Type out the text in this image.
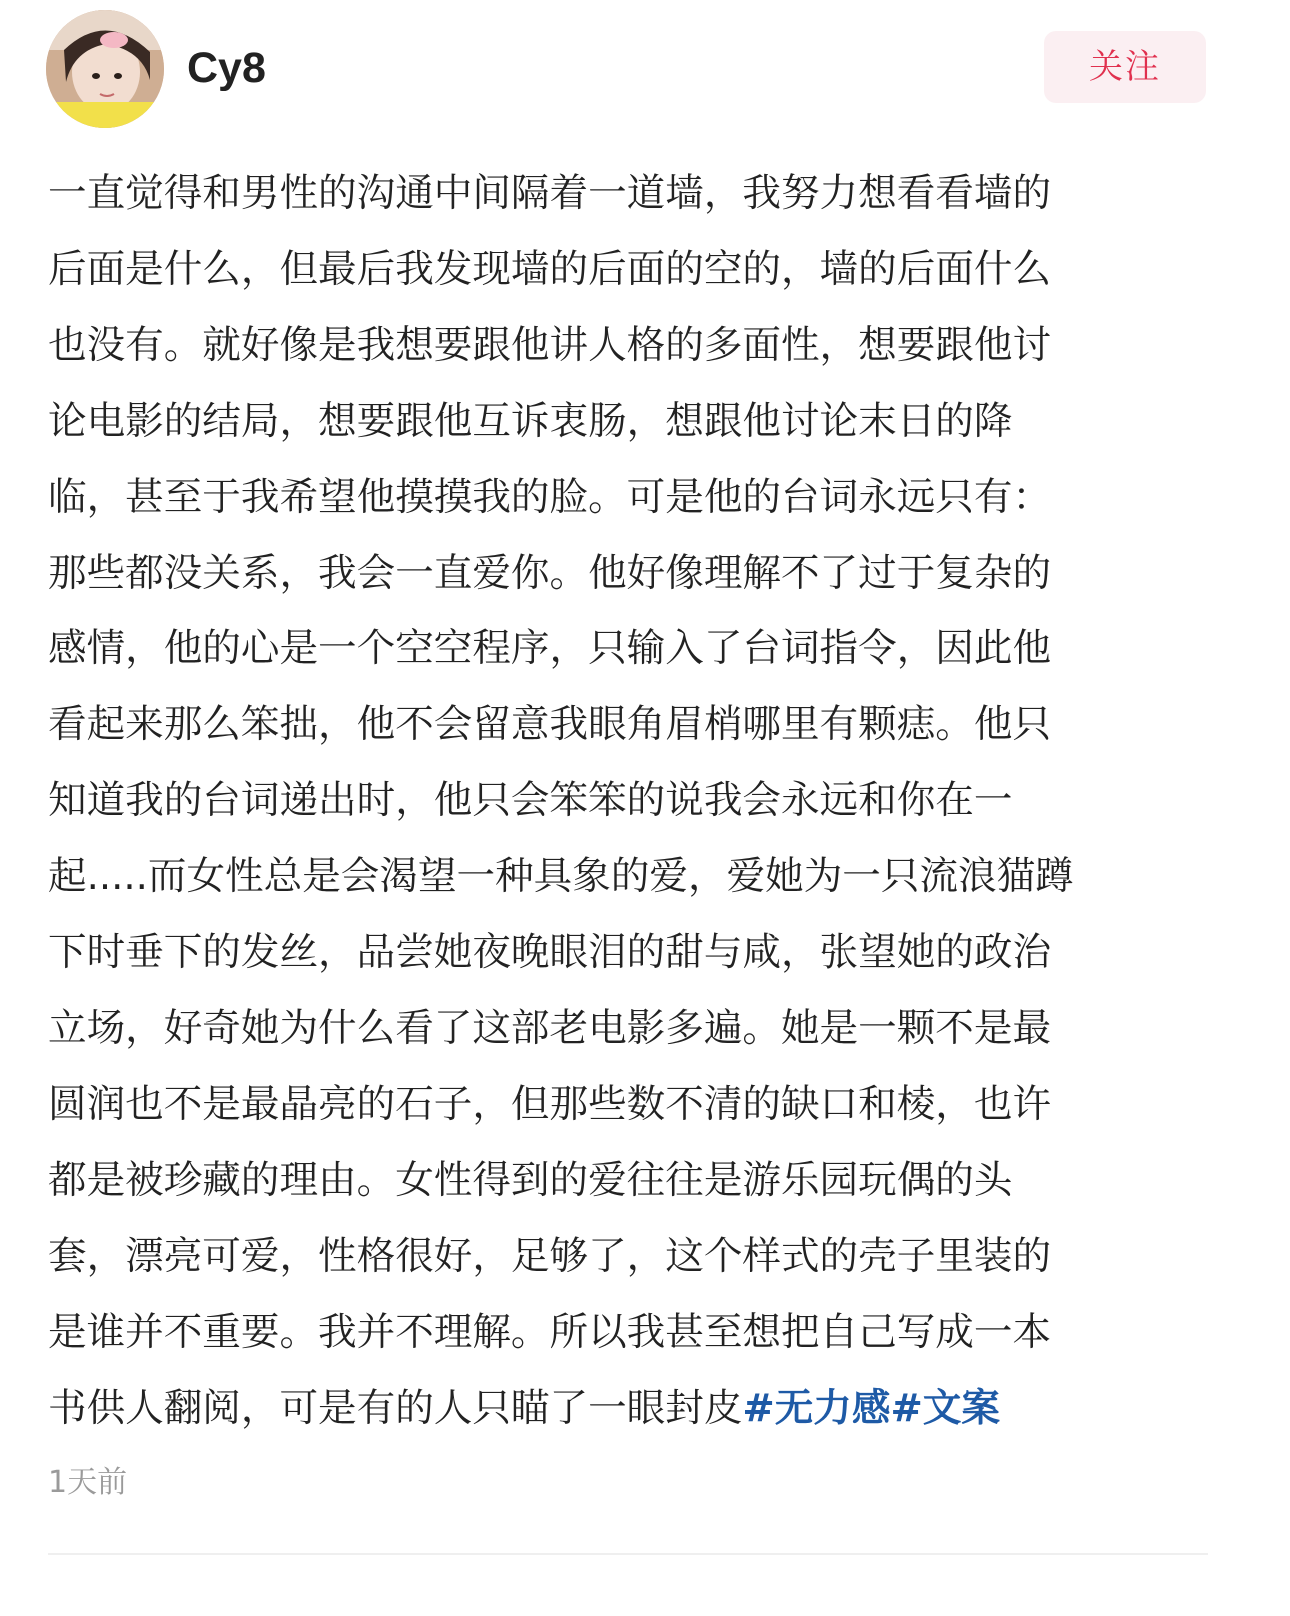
Cy8	关注
一直觉得和男性的沟通中间隔着一道墙，我努力想看看墙的
后面是什么，但最后我发现墙的后面的空的，墙的后面什么
也没有。就好像是我想要跟他讲人格的多面性，想要跟他讨
论电影的结局，想要跟他互诉衷肠，想跟他讨论末日的降
临，甚至于我希望他摸摸我的脸。可是他的台词永远只有：
那些都没关系，我会一直爱你。他好像理解不了过于复杂的
感情，他的心是一个空空程序，只输入了台词指令，因此他
看起来那么笨拙，他不会留意我眼角眉梢哪里有颗痣。他只
知道我的台词递出时，他只会笨笨的说我会永远和你在一
起.....而女性总是会渴望一种具象的爱，爱她为一只流浪猫蹲
下时垂下的发丝，品尝她夜晚眼泪的甜与咸，张望她的政治
立场，好奇她为什么看了这部老电影多遍。她是一颗不是最
圆润也不是最晶亮的石子，但那些数不清的缺口和棱，也许
都是被珍藏的理由。女性得到的爱往往是游乐园玩偶的头
套，漂亮可爱，性格很好，足够了，这个样式的壳子里装的
是谁并不重要。我并不理解。所以我甚至想把自己写成一本
书供人翻阅，可是有的人只瞄了一眼封皮#无力感#文案
1天前
